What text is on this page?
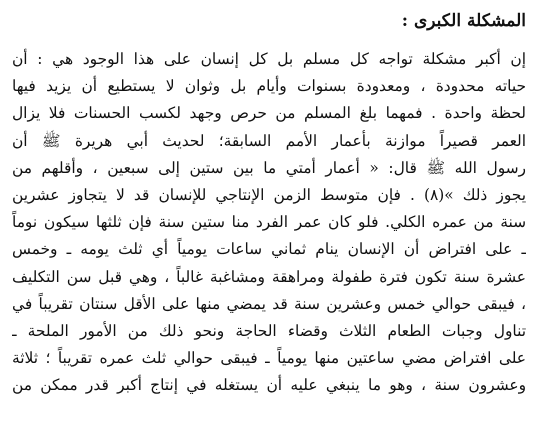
المشكلة الكبرى :
إن أكبر مشكلة تواجه كل مسلم بل كل إنسان على هذا الوجود هي : أن
حياته محدودة ، ومعدودة بسنوات وأيام بل وثوان لا يستطيع أن يزيد فيها
لحظة واحدة . فمهما بلغ المسلم من حرص وجهد لكسب الحسنات فلا يزال
العمر قصيراً موازنة بأعمار الأمم السابقة؛ لحديث أبي هريرة ﷺ أن
رسول الله ﷺ قال: « أعمار أمتي ما بين ستين إلى سبعين ، وأقلهم من
يجوز ذلك »(٨) . فإن متوسط الزمن الإنتاجي للإنسان قد لا يتجاوز عشرين
سنة من عمره الكلي. فلو كان عمر الفرد منا ستين سنة فإن ثلثها سيكون نوماً
ـ على افتراض أن الإنسان ينام ثماني ساعات يومياً أي ثلث يومه ـ وخمس
عشرة سنة تكون فترة طفولة ومراهقة ومشاغبة غالباً ، وهي قبل سن التكليف
، فيبقى حوالي خمس وعشرين سنة قد يمضي منها على الأقل سنتان تقريباً في
تناول وجبات الطعام الثلاث وقضاء الحاجة ونحو ذلك من الأمور الملحة ـ
على افتراض مضي ساعتين منها يومياً ـ فيبقى حوالي ثلث عمره تقريباً ؛ ثلاثة
وعشرون سنة ، وهو ما ينبغي عليه أن يستغله في إنتاج أكبر قدر ممكن من
